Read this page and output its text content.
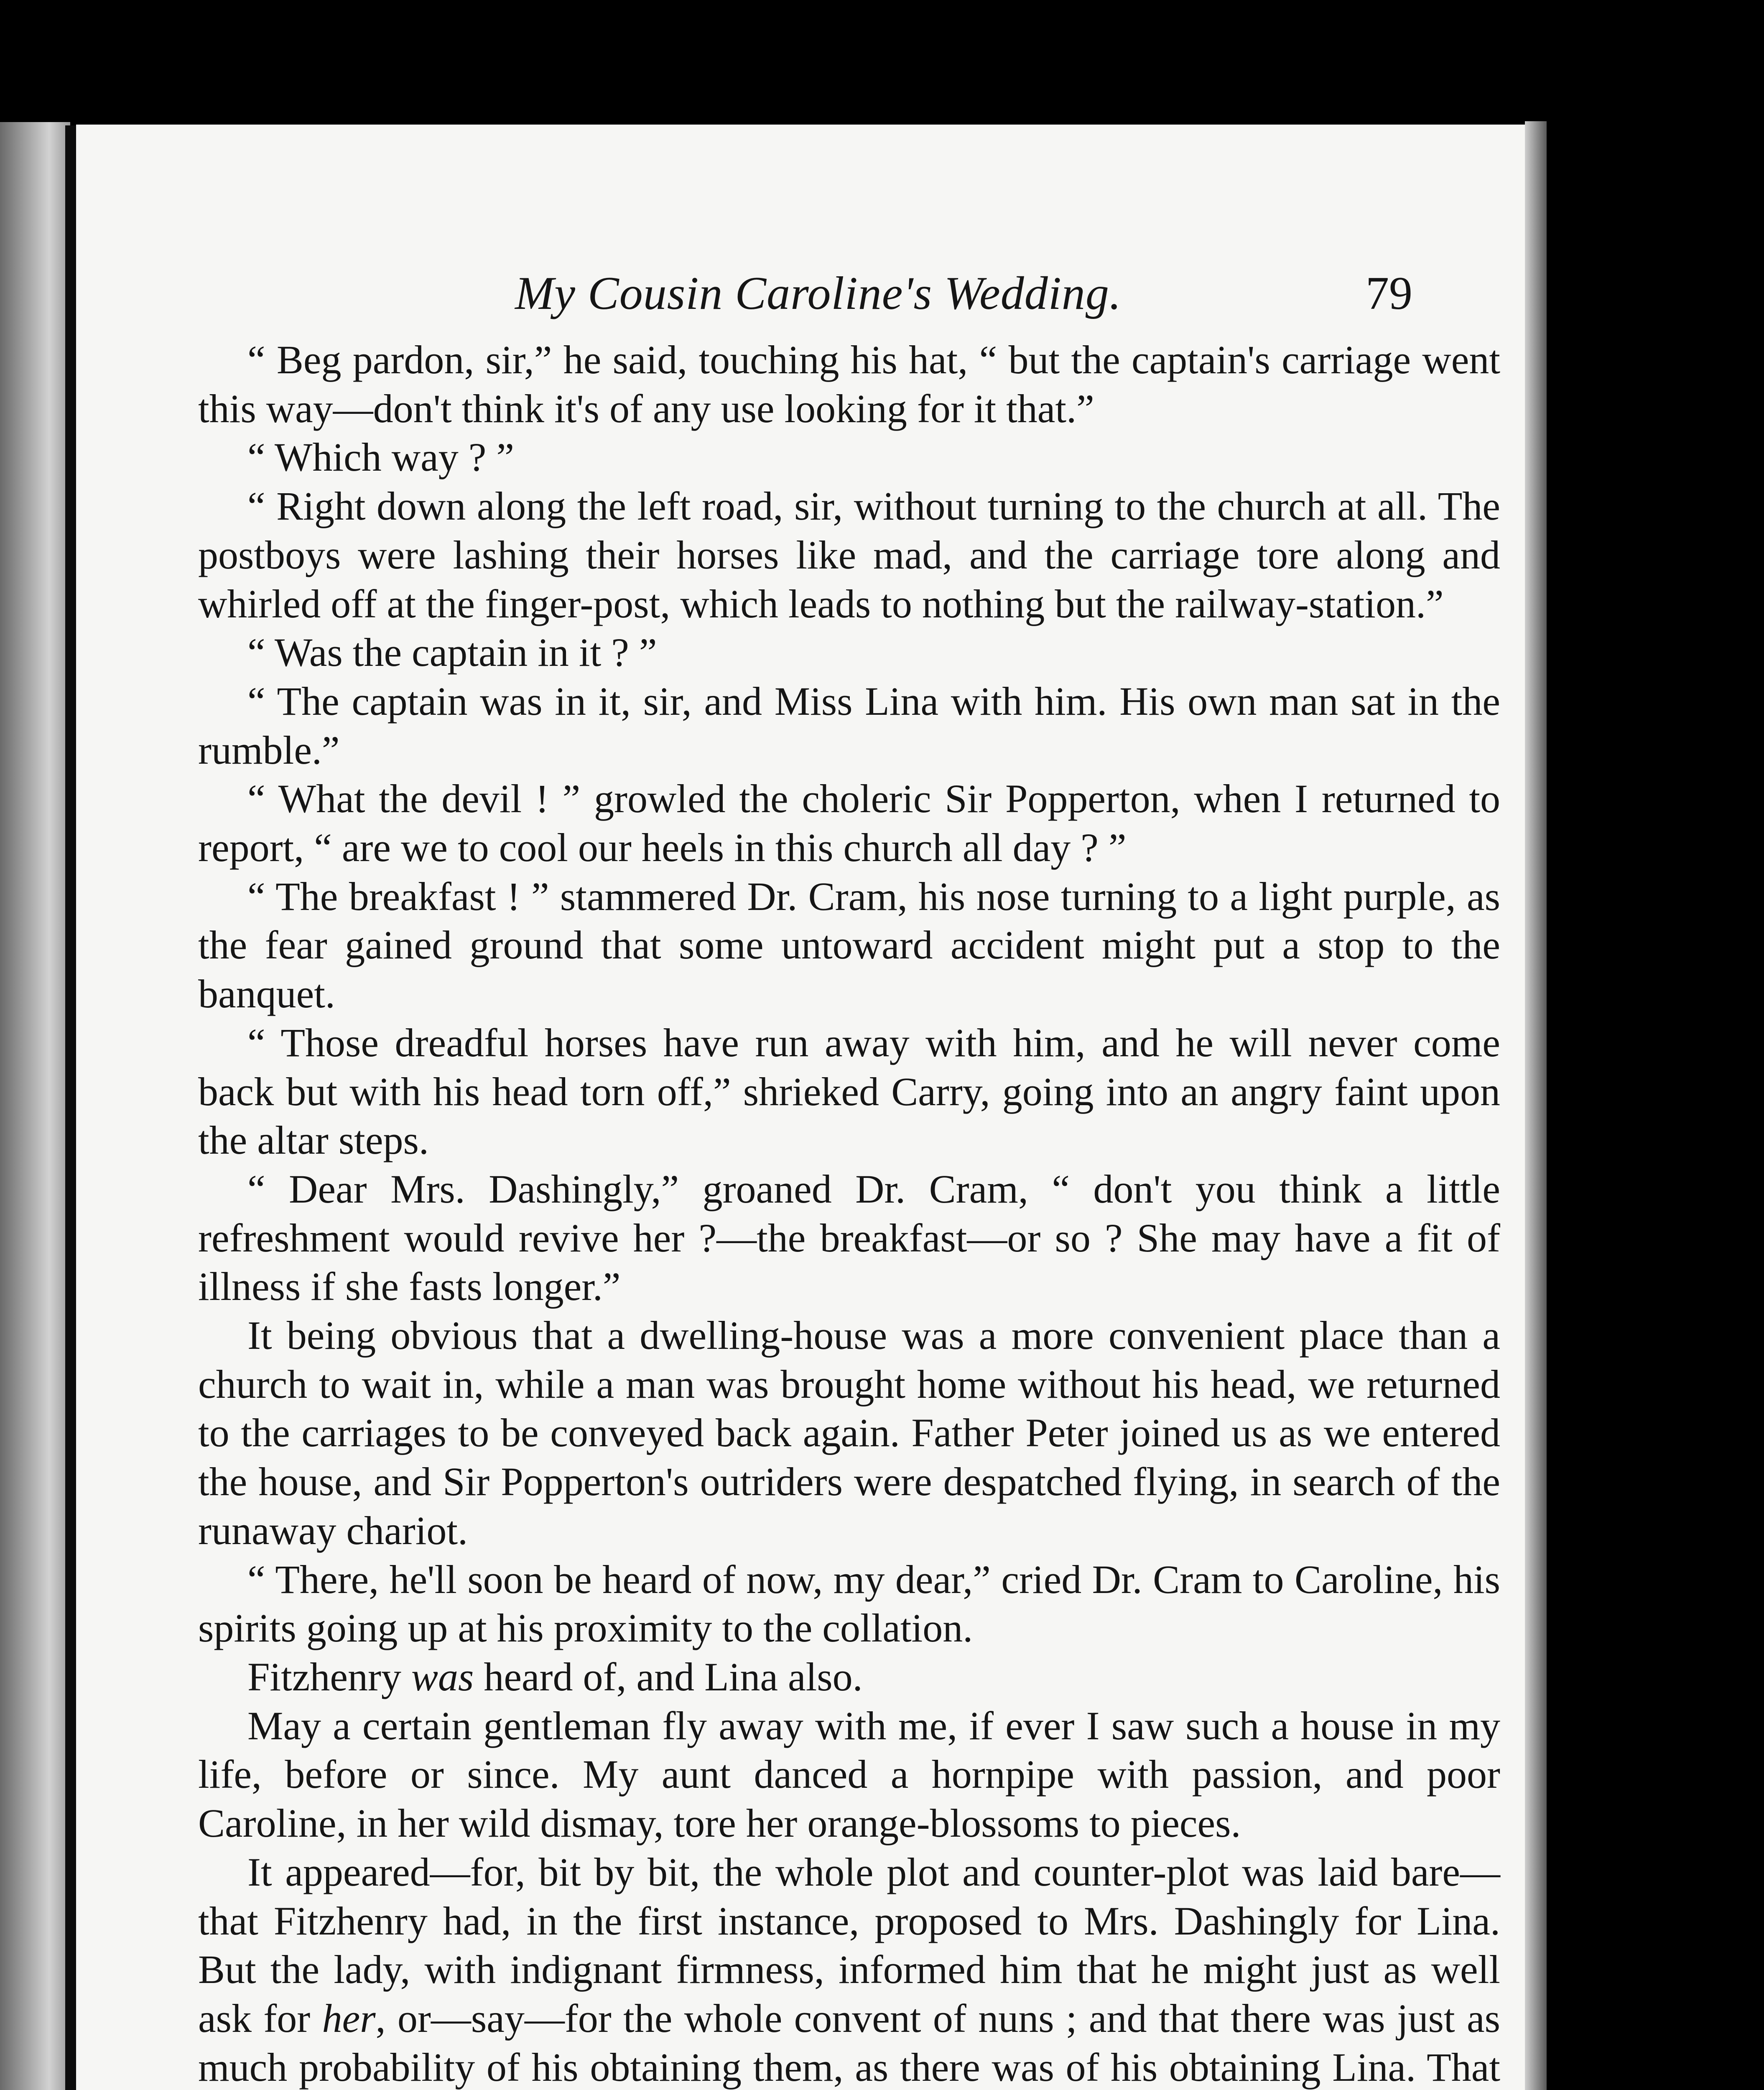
My Cousin Caroline's Wedding.	79

“ Beg pardon, sir,” he said, touching his hat, “ but the captain's carriage went this way—don't think it's of any use looking for it that.”

“ Which way ? ”

“ Right down along the left road, sir, without turning to the church at all. The postboys were lashing their horses like mad, and the carriage tore along and whirled off at the finger-post, which leads to nothing but the railway-station.”

“ Was the captain in it ? ”

“ The captain was in it, sir, and Miss Lina with him. His own man sat in the rumble.”

“ What the devil ! ” growled the choleric Sir Popperton, when I returned to report, “ are we to cool our heels in this church all day ? ”

“ The breakfast ! ” stammered Dr. Cram, his nose turning to a light purple, as the fear gained ground that some untoward accident might put a stop to the banquet.

“ Those dreadful horses have run away with him, and he will never come back but with his head torn off,” shrieked Carry, going into an angry faint upon the altar steps.

“ Dear Mrs. Dashingly,” groaned Dr. Cram, “ don't you think a little refreshment would revive her ?—the breakfast—or so ? She may have a fit of illness if she fasts longer.”

It being obvious that a dwelling-house was a more convenient place than a church to wait in, while a man was brought home without his head, we returned to the carriages to be conveyed back again. Father Peter joined us as we entered the house, and Sir Popperton's outriders were despatched flying, in search of the runaway chariot.

“ There, he'll soon be heard of now, my dear,” cried Dr. Cram to Caroline, his spirits going up at his proximity to the collation.

Fitzhenry was heard of, and Lina also.

May a certain gentleman fly away with me, if ever I saw such a house in my life, before or since. My aunt danced a hornpipe with passion, and poor Caroline, in her wild dismay, tore her orange-blossoms to pieces.

It appeared—for, bit by bit, the whole plot and counter-plot was laid bare—that Fitzhenry had, in the first instance, proposed to Mrs. Dashingly for Lina. But the lady, with indignant firmness, informed him that he might just as well ask for her, or—say—for the whole convent of nuns ; and that there was just as much probability of his obtaining them, as there was of his obtaining Lina. That
